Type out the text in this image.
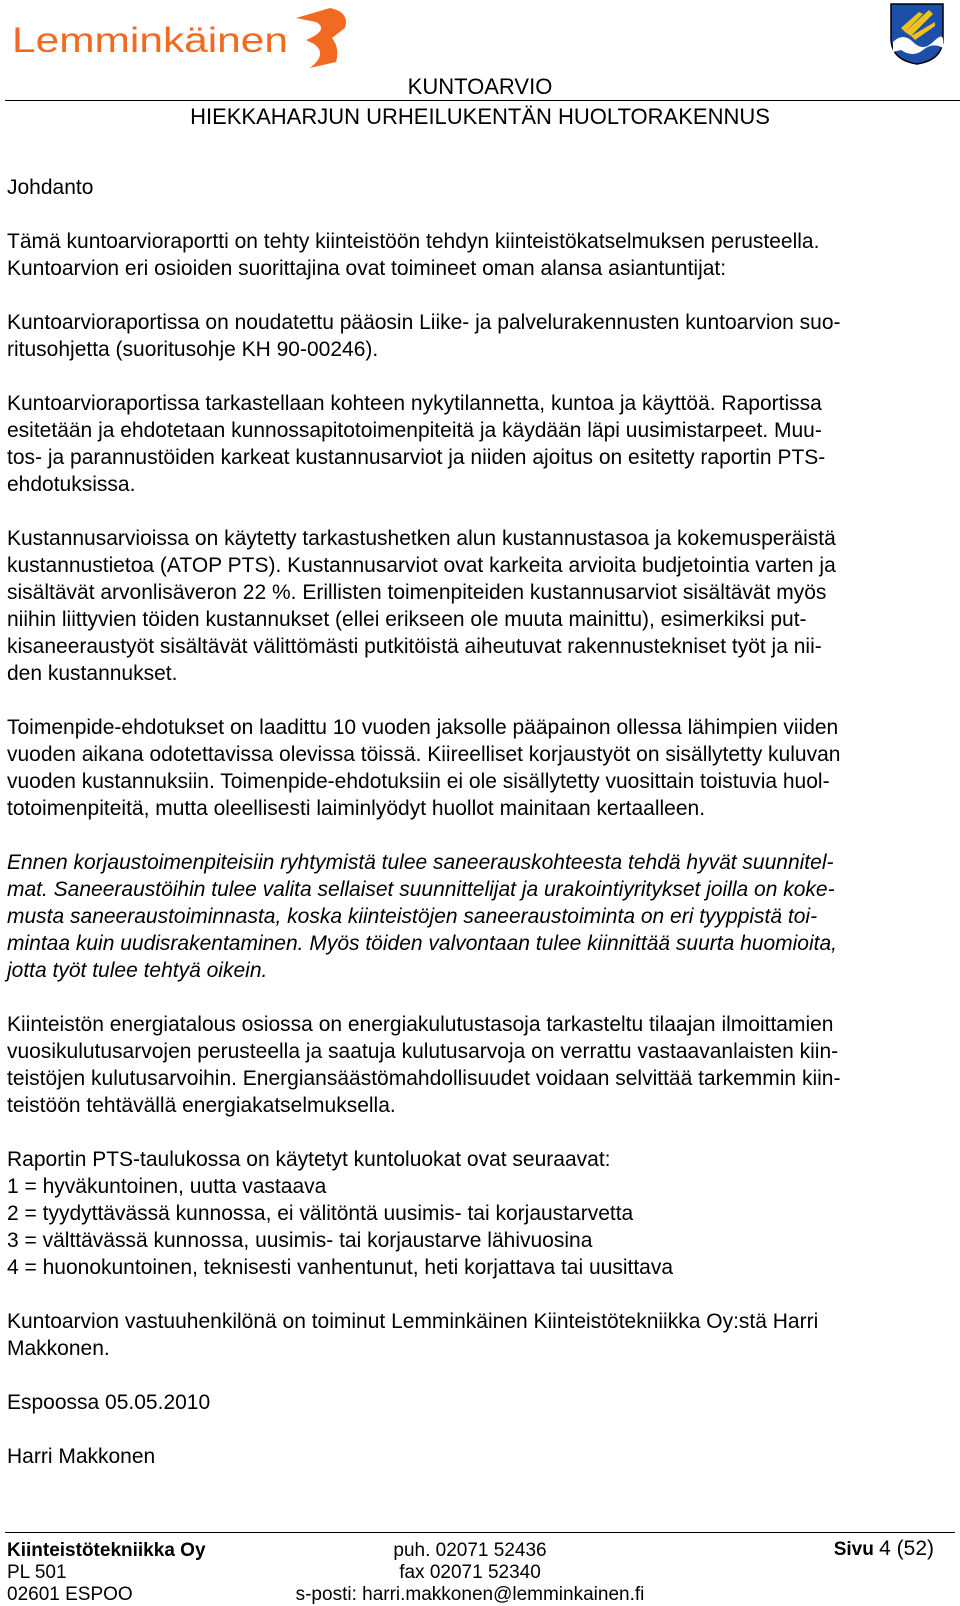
Lemminkäinen
KUNTOARVIO
HIEKKAHARJUN URHEILUKENTÄN HUOLTORAKENNUS

Johdanto

Tämä kuntoarvioraportti on tehty kiinteistöön tehdyn kiinteistökatselmuksen perusteella.

Kuntoarvion eri osioiden suorittajina ovat toimineet oman alansa asiantuntijat:

Kuntoarvioraportissa on noudatettu pääosin Liike- ja palvelurakennusten kuntoarvion suo-

ritusohjetta (suoritusohje KH 90-00246).

Kuntoarvioraportissa tarkastellaan kohteen nykytilannetta, kuntoa ja käyttöä. Raportissa

esitetään ja ehdotetaan kunnossapitotoimenpiteitä ja käydään läpi uusimistarpeet. Muu-

tos- ja parannustöiden karkeat kustannusarviot ja niiden ajoitus on esitetty raportin PTS-

ehdotuksissa.

Kustannusarvioissa on käytetty tarkastushetken alun kustannustasoa ja kokemusperäistä

kustannustietoa (ATOP PTS). Kustannusarviot ovat karkeita arvioita budjetointia varten ja

sisältävät arvonlisäveron 22 %. Erillisten toimenpiteiden kustannusarviot sisältävät myös

niihin liittyvien töiden kustannukset (ellei erikseen ole muuta mainittu), esimerkiksi put-

kisaneeraustyöt sisältävät välittömästi putkitöistä aiheutuvat rakennustekniset työt ja nii-

den kustannukset.

Toimenpide-ehdotukset on laadittu 10 vuoden jaksolle pääpainon ollessa lähimpien viiden

vuoden aikana odotettavissa olevissa töissä. Kiireelliset korjaustyöt on sisällytetty kuluvan

vuoden kustannuksiin. Toimenpide-ehdotuksiin ei ole sisällytetty vuosittain toistuvia huol-

totoimenpiteitä, mutta oleellisesti laiminlyödyt huollot mainitaan kertaalleen.

Ennen korjaustoimenpiteisiin ryhtymistä tulee saneerauskohteesta tehdä hyvät suunnitel-

mat. Saneeraustöihin tulee valita sellaiset suunnittelijat ja urakointiyritykset joilla on koke-

musta saneeraustoiminnasta, koska kiinteistöjen saneeraustoiminta on eri tyyppistä toi-

mintaa kuin uudisrakentaminen. Myös töiden valvontaan tulee kiinnittää suurta huomioita,

jotta työt tulee tehtyä oikein.

Kiinteistön energiatalous osiossa on energiakulutustasoja tarkasteltu tilaajan ilmoittamien

vuosikulutusarvojen perusteella ja saatuja kulutusarvoja on verrattu vastaavanlaisten kiin-

teistöjen kulutusarvoihin. Energiansäästömahdollisuudet voidaan selvittää tarkemmin kiin-

teistöön tehtävällä energiakatselmuksella.

Raportin PTS-taulukossa on käytetyt kuntoluokat ovat seuraavat:

1 = hyväkuntoinen, uutta vastaava

2 = tyydyttävässä kunnossa, ei välitöntä uusimis- tai korjaustarvetta

3 = välttävässä kunnossa, uusimis- tai korjaustarve lähivuosina

4 = huonokuntoinen, teknisesti vanhentunut, heti korjattava tai uusittava

Kuntoarvion vastuuhenkilönä on toiminut Lemminkäinen Kiinteistötekniikka Oy:stä Harri

Makkonen.

Espoossa 05.05.2010

Harri Makkonen

Kiinteistötekniikka Oy
PL 501
02601 ESPOO
puh. 02071 52436
fax 02071 52340
s-posti: harri.makkonen@lemminkainen.fi
Sivu 4 (52)
